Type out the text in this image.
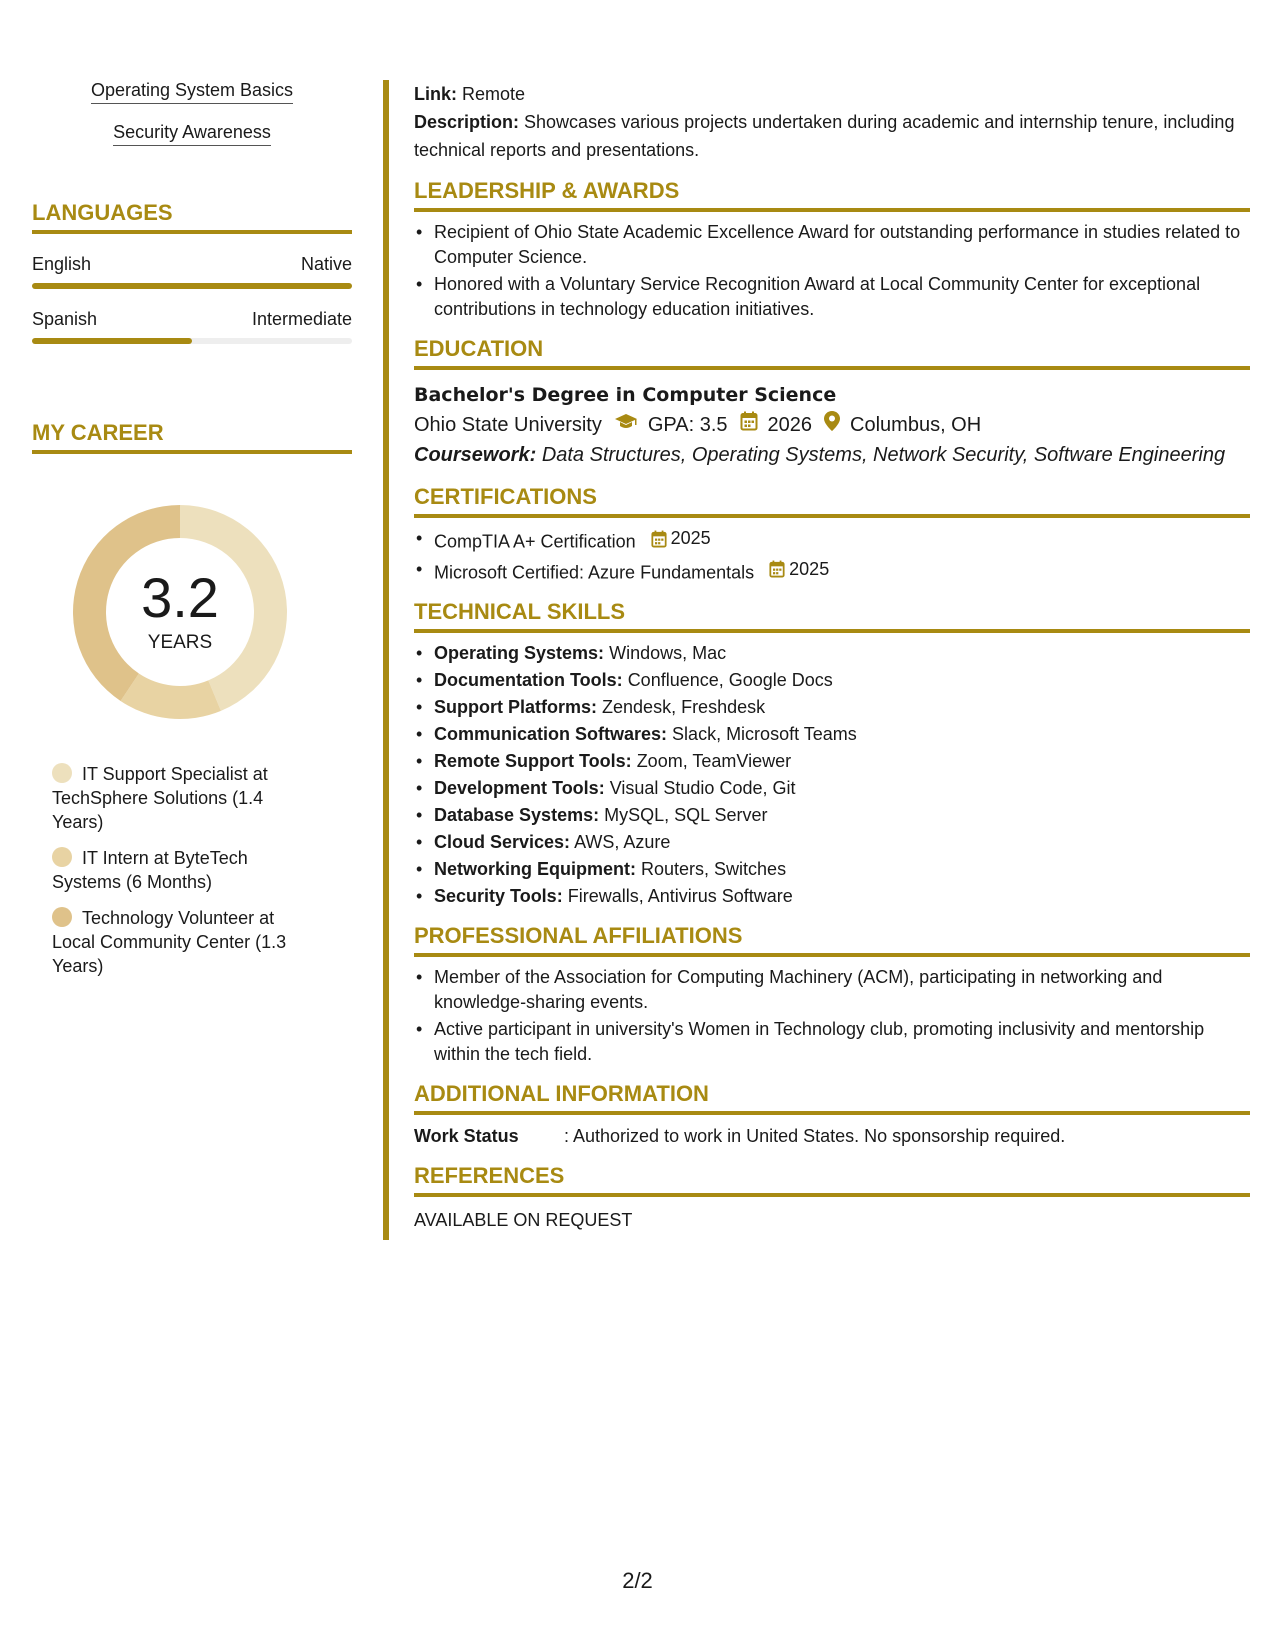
Operating System Basics
Security Awareness
LANGUAGES
English	Native
Spanish	Intermediate
MY CAREER
3.2
YEARS
IT Support Specialist at TechSphere Solutions (1.4 Years)
IT Intern at ByteTech Systems (6 Months)
Technology Volunteer at Local Community Center (1.3 Years)
Link: Remote
Description: Showcases various projects undertaken during academic and internship tenure, including technical reports and presentations.
LEADERSHIP & AWARDS
• Recipient of Ohio State Academic Excellence Award for outstanding performance in studies related to Computer Science.
• Honored with a Voluntary Service Recognition Award at Local Community Center for exceptional contributions in technology education initiatives.
EDUCATION
Bachelor's Degree in Computer Science
Ohio State University GPA: 3.5 2026 Columbus, OH
Coursework: Data Structures, Operating Systems, Network Security, Software Engineering
CERTIFICATIONS
• CompTIA A+ Certification 2025
• Microsoft Certified: Azure Fundamentals 2025
TECHNICAL SKILLS
• Operating Systems: Windows, Mac
• Documentation Tools: Confluence, Google Docs
• Support Platforms: Zendesk, Freshdesk
• Communication Softwares: Slack, Microsoft Teams
• Remote Support Tools: Zoom, TeamViewer
• Development Tools: Visual Studio Code, Git
• Database Systems: MySQL, SQL Server
• Cloud Services: AWS, Azure
• Networking Equipment: Routers, Switches
• Security Tools: Firewalls, Antivirus Software
PROFESSIONAL AFFILIATIONS
• Member of the Association for Computing Machinery (ACM), participating in networking and knowledge-sharing events.
• Active participant in university's Women in Technology club, promoting inclusivity and mentorship within the tech field.
ADDITIONAL INFORMATION
Work Status	: Authorized to work in United States. No sponsorship required.
REFERENCES
AVAILABLE ON REQUEST
2/2
